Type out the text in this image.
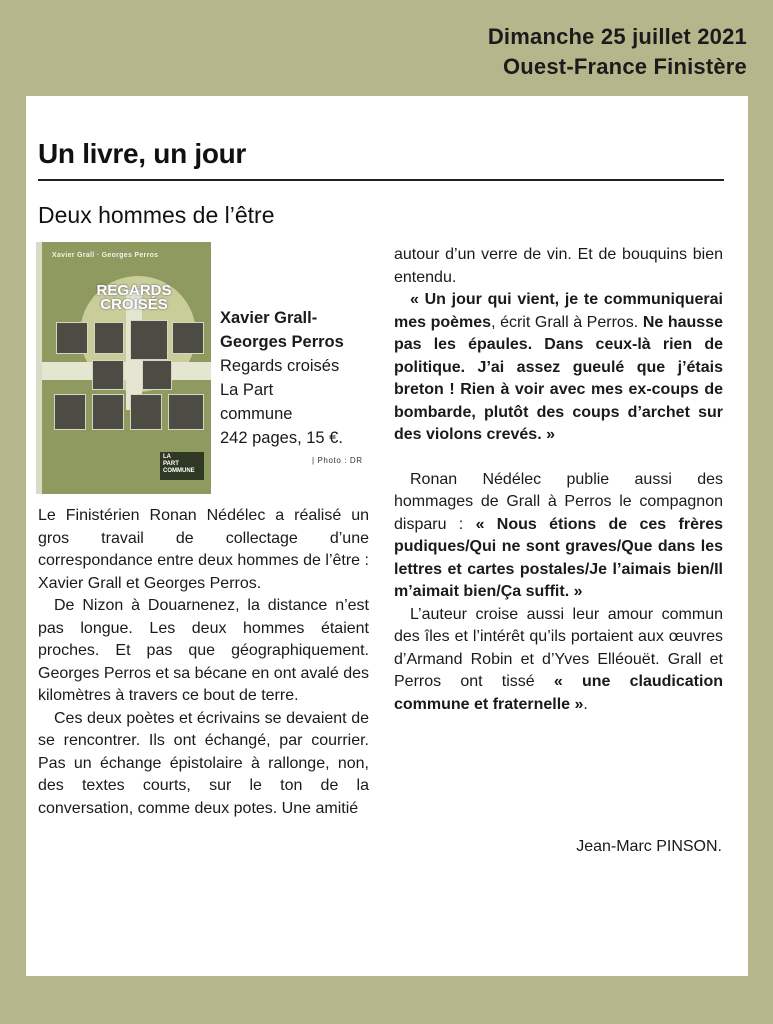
Dimanche 25 juillet 2021
Ouest-France Finistère
Un livre, un jour
Deux hommes de l’être
Xavier Grall · Georges Perros
REGARDS
CROISÉS
LA
PART
COMMUNE
Xavier Grall-
Georges Perros
Regards croisés
La Part
commune
242 pages, 15 €.
| Photo : DR

Le Finistérien Ronan Nédélec a réalisé un gros travail de collectage d’une correspondance entre deux hommes de l’être : Xavier Grall et Georges Perros.

De Nizon à Douarnenez, la distance n’est pas longue. Les deux hommes étaient proches. Et pas que géographiquement. Georges Perros et sa bécane en ont avalé des kilomètres à travers ce bout de terre.

Ces deux poètes et écrivains se devaient de se rencontrer. Ils ont échangé, par courrier. Pas un échange épistolaire à rallonge, non, des textes courts, sur le ton de la conversation, comme deux potes. Une amitié

autour d’un verre de vin. Et de bouquins bien entendu.

« Un jour qui vient, je te communiquerai mes poèmes, écrit Grall à Perros. Ne hausse pas les épaules. Dans ceux-là rien de politique. J’ai assez gueulé que j’étais breton ! Rien à voir avec mes ex-coups de bombarde, plutôt des coups d’archet sur des violons crevés. »

Ronan Nédélec publie aussi des hommages de Grall à Perros le compagnon disparu : « Nous étions de ces frères pudiques/Qui ne sont graves/Que dans les lettres et cartes postales/Je l’aimais bien/Il m’aimait bien/Ça suffit. »

L’auteur croise aussi leur amour commun des îles et l’intérêt qu’ils portaient aux œuvres d’Armand Robin et d’Yves Elléouët. Grall et Perros ont tissé « une claudication commune et fraternelle ».

Jean-Marc PINSON.
